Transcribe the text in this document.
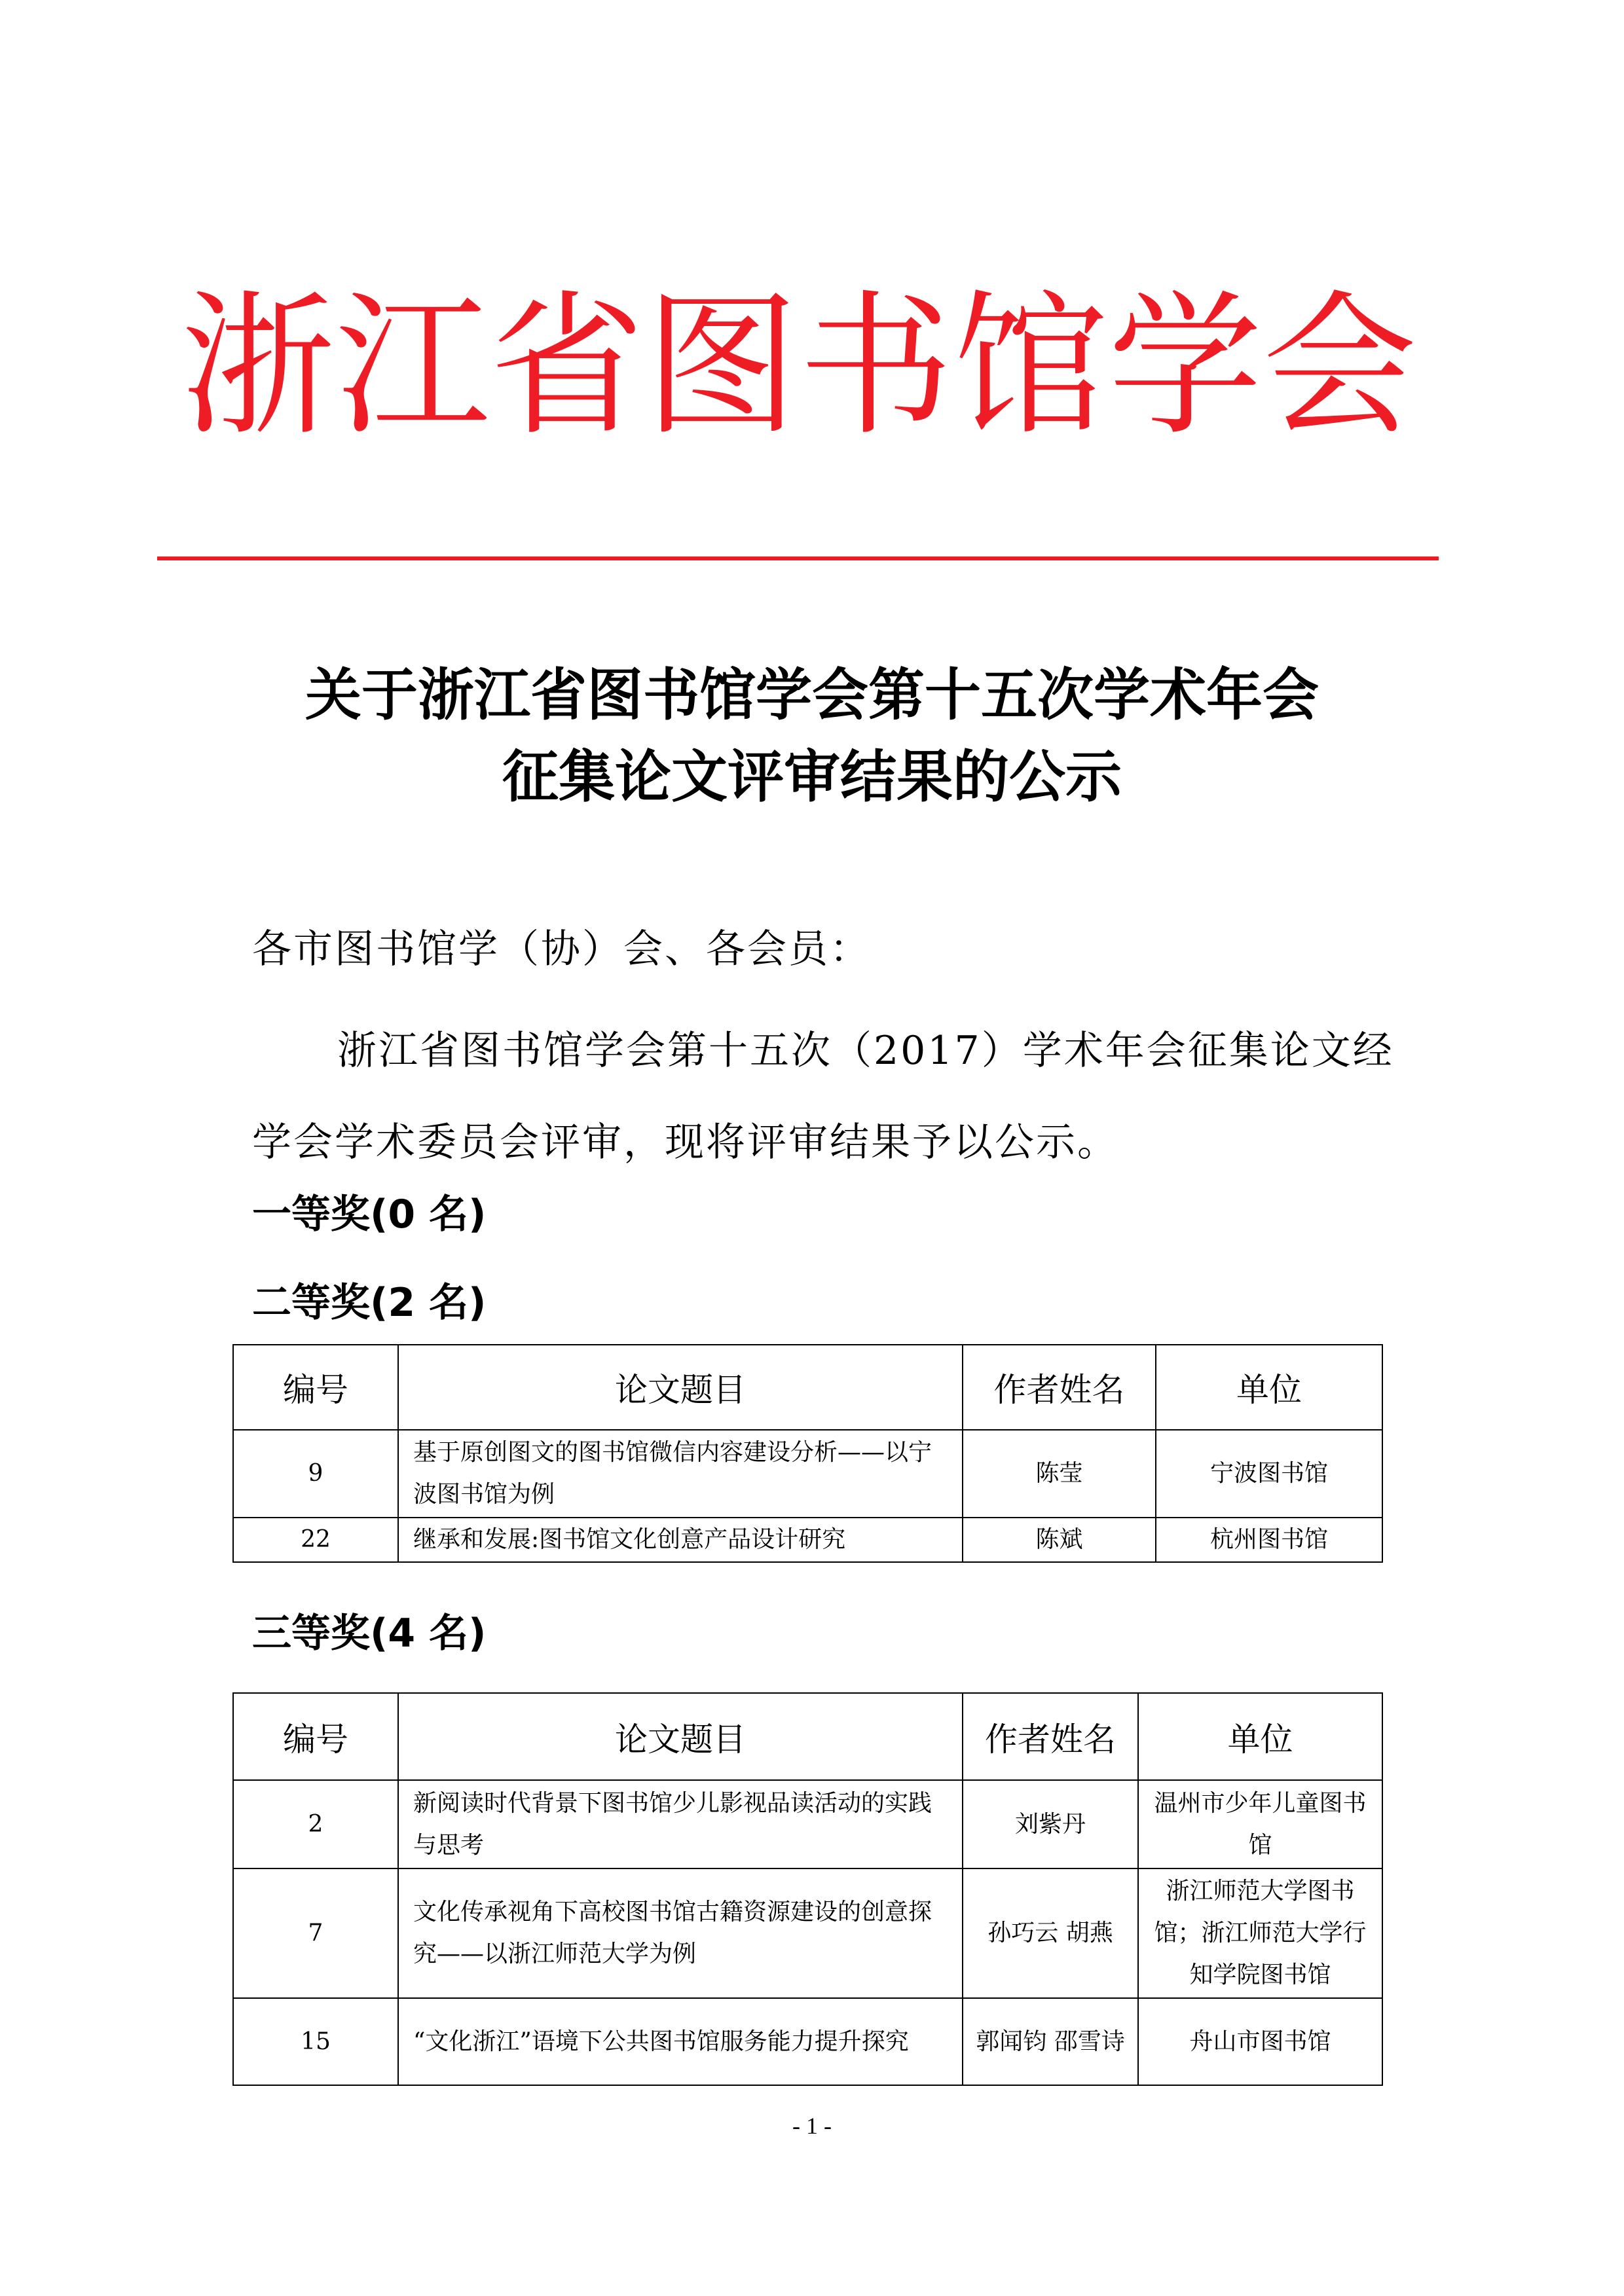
浙江省图书馆学会
关于浙江省图书馆学会第十五次学术年会
征集论文评审结果的公示

各市图书馆学（协）会、各会员：

浙江省图书馆学会第十五次（2017）学术年会征集论文经学会学术委员会评审，现将评审结果予以公示。

一等奖(0 名)
二等奖(2 名)
编号	论文题目	作者姓名	单位
9	基于原创图文的图书馆微信内容建设分析——以宁波图书馆为例	陈莹	宁波图书馆
22	继承和发展:图书馆文化创意产品设计研究	陈斌	杭州图书馆
三等奖(4 名)
编号	论文题目	作者姓名	单位
2	新阅读时代背景下图书馆少儿影视品读活动的实践与思考	刘紫丹	温州市少年儿童图书馆
7	文化传承视角下高校图书馆古籍资源建设的创意探究——以浙江师范大学为例	孙巧云 胡燕	浙江师范大学图书馆；浙江师范大学行知学院图书馆
15	“文化浙江”语境下公共图书馆服务能力提升探究	郭闻钧 邵雪诗	舟山市图书馆
- 1 -
